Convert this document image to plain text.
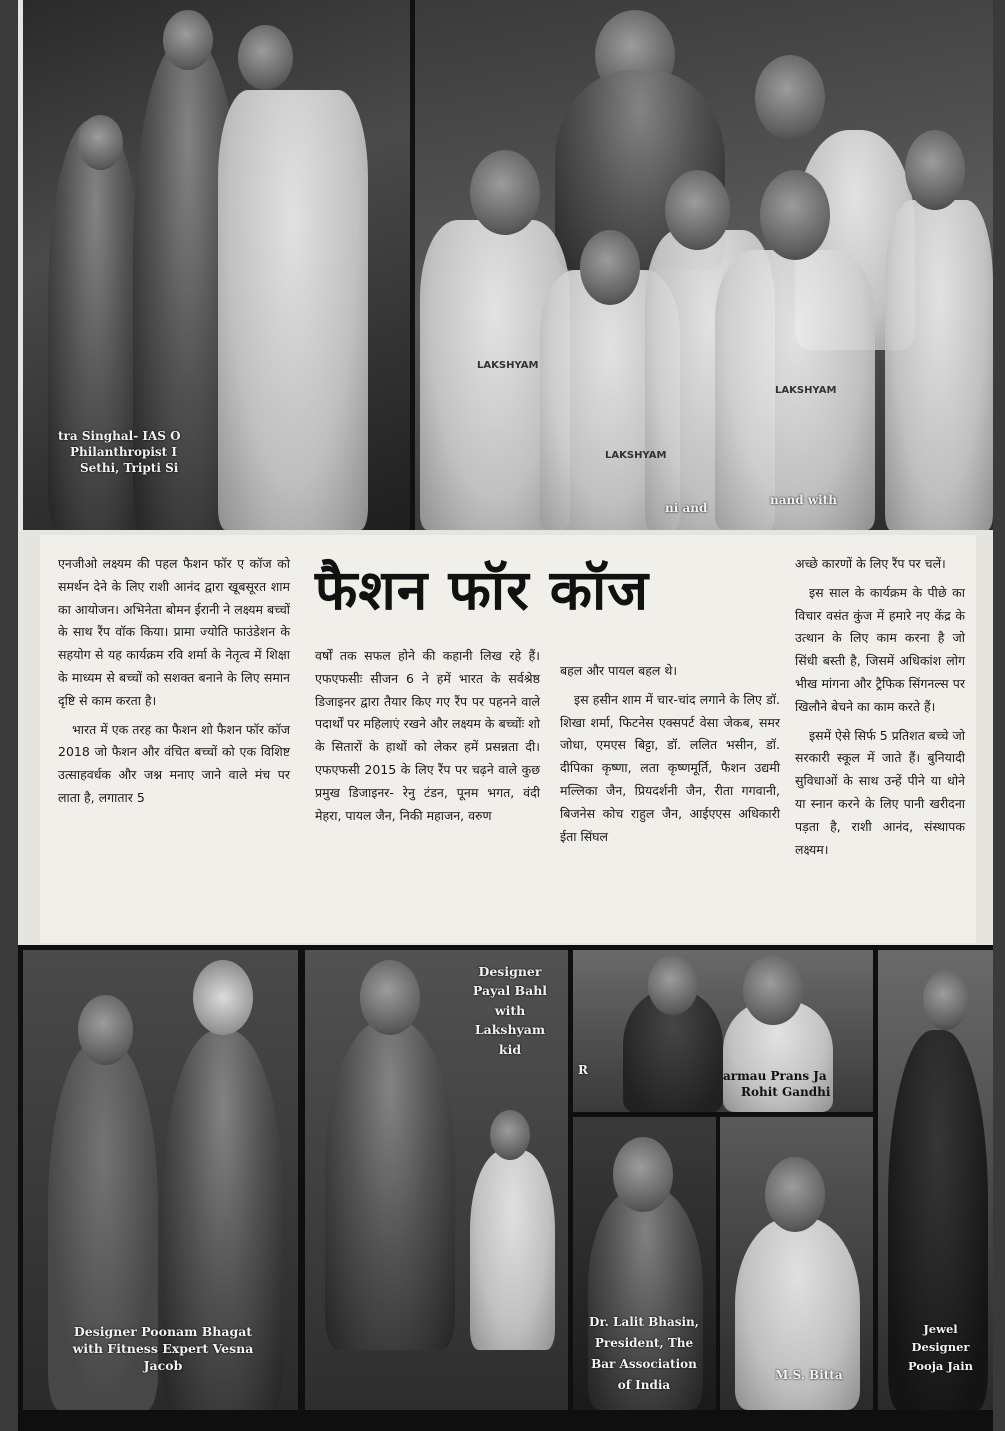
tra Singhal- IAS O
Philanthropist I
Sethi, Tripti Si
LAKSHYAM
LAKSHYAM
LAKSHYAM
ni and
nand with
फैशन फॉर कॉज

एनजीओ लक्ष्यम की पहल फैशन फॉर ए कॉज को समर्थन देने के लिए राशी आनंद द्वारा खूबसूरत शाम का आयोजन। अभिनेता बोमन ईरानी ने लक्ष्यम बच्चों के साथ रैंप वॉक किया। प्रामा ज्योति फाउंडेशन के सहयोग से यह कार्यक्रम रवि शर्मा के नेतृत्व में शिक्षा के माध्यम से बच्चों को सशक्त बनाने के लिए समान दृष्टि से काम करता है।

भारत में एक तरह का फैशन शो फैशन फॉर कॉज 2018 जो फैशन और वंचित बच्चों को एक विशिष्ट उत्साहवर्धक और जश्न मनाए जाने वाले मंच पर लाता है, लगातार 5

वर्षों तक सफल होने की कहानी लिख रहे हैं। एफएफसीः सीजन 6 ने हमें भारत के सर्वश्रेष्ठ डिजाइनर द्वारा तैयार किए गए रैंप पर पहनने वाले पदार्थों पर महिलाएं रखने और लक्ष्यम के बच्चोंः शो के सितारों के हाथों को लेकर हमें प्रसन्नता दी। एफएफसी 2015 के लिए रैंप पर चढ़ने वाले कुछ प्रमुख डिजाइनर- रेनु टंडन, पूनम भगत, वंदी मेहरा, पायल जैन, निकी महाजन, वरुण

बहल और पायल बहल थे।

इस हसीन शाम में चार-चांद लगाने के लिए डॉ. शिखा शर्मा, फिटनेस एक्सपर्ट वेसा जेकब, समर जोधा, एमएस बिट्टा, डॉ. ललित भसीन, डॉ. दीपिका कृष्णा, लता कृष्णमूर्ति, फैशन उद्यमी मल्लिका जैन, प्रियदर्शनी जैन, रीता गगवानी, बिजनेस कोच राहुल जैन, आईएएस अधिकारी ईता सिंघल

अच्छे कारणों के लिए रैंप पर चलें।

इस साल के कार्यक्रम के पीछे का विचार वसंत कुंज में हमारे नए केंद्र के उत्थान के लिए काम करना है जो सिंधी बस्ती है, जिसमें अधिकांश लोग भीख मांगना और ट्रैफिक सिंगनल्स पर खिलौने बेचने का काम करते हैं।

इसमें ऐसे सिर्फ 5 प्रतिशत बच्चे जो सरकारी स्कूल में जाते हैं। बुनियादी सुविधाओं के साथ उन्हें पीने या धोने या स्नान करने के लिए पानी खरीदना पड़ता है, राशी आनंद, संस्थापक लक्ष्यम।

Designer Poonam Bhagat
with Fitness Expert Vesna
Jacob
Designer
Payal Bahl
with
Lakshyam
kid
R	armau Prans Ja
Rohit Gandhi
Dr. Lalit Bhasin,
President, The
Bar Association
of India
M.S. Bitta
Jewel
Designer
Pooja Jain
